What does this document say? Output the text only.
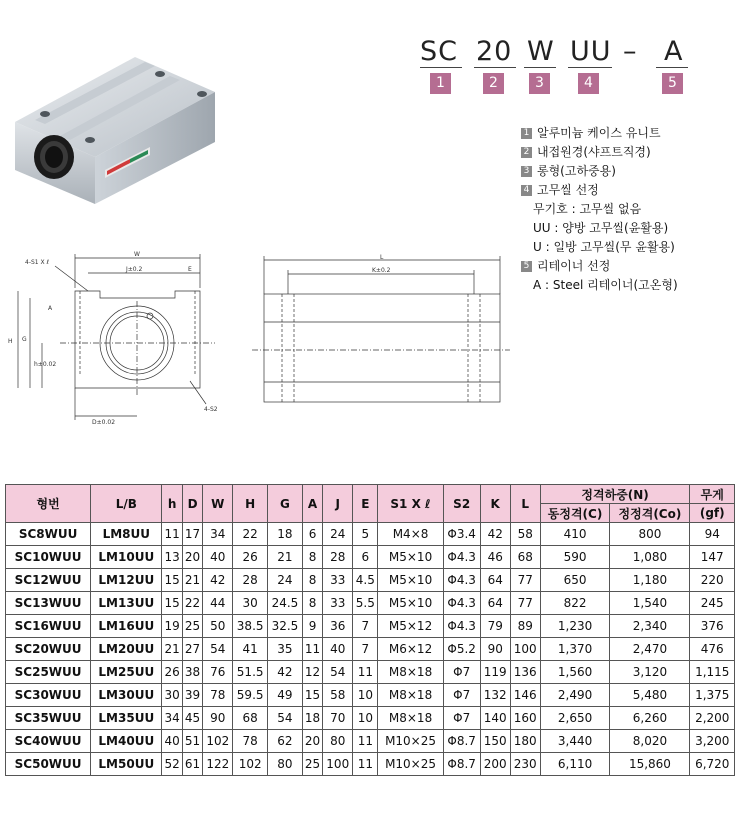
SC 20 W UU – A
1	2	3	4	5
1 알루미늄 케이스 유니트
2 내접원경(샤프트직경)
3 롱형(고하중용)
4 고무씰 선정
무기호 : 고무씰 없음
UU : 양방 고무씰(윤활용)
U : 일방 고무씰(무 윤활용)
5 리테이너 선정
A : Steel 리테이너(고온형)
W
J±0.2	E
4-S1 X ℓ
H G
h±0.02
A
D±0.02
4-S2
L
K±0.2
형번	L/B	h	D	W	H	G	A	J	E	S1 X ℓ	S2	K	L	정격하중(N)		무게
														동정격(C)	정정격(Co)	(gf)
SC8WUU	LM8UU	11	17	34	22	18	6	24	5	M4×8	Φ3.4	42	58	410	800	94
SC10WUU	LM10UU	13	20	40	26	21	8	28	6	M5×10	Φ4.3	46	68	590	1,080	147
SC12WUU	LM12UU	15	21	42	28	24	8	33	4.5	M5×10	Φ4.3	64	77	650	1,180	220
SC13WUU	LM13UU	15	22	44	30	24.5	8	33	5.5	M5×10	Φ4.3	64	77	822	1,540	245
SC16WUU	LM16UU	19	25	50	38.5	32.5	9	36	7	M5×12	Φ4.3	79	89	1,230	2,340	376
SC20WUU	LM20UU	21	27	54	41	35	11	40	7	M6×12	Φ5.2	90	100	1,370	2,470	476
SC25WUU	LM25UU	26	38	76	51.5	42	12	54	11	M8×18	Φ7	119	136	1,560	3,120	1,115
SC30WUU	LM30UU	30	39	78	59.5	49	15	58	10	M8×18	Φ7	132	146	2,490	5,480	1,375
SC35WUU	LM35UU	34	45	90	68	54	18	70	10	M8×18	Φ7	140	160	2,650	6,260	2,200
SC40WUU	LM40UU	40	51	102	78	62	20	80	11	M10×25	Φ8.7	150	180	3,440	8,020	3,200
SC50WUU	LM50UU	52	61	122	102	80	25	100	11	M10×25	Φ8.7	200	230	6,110	15,860	6,720
